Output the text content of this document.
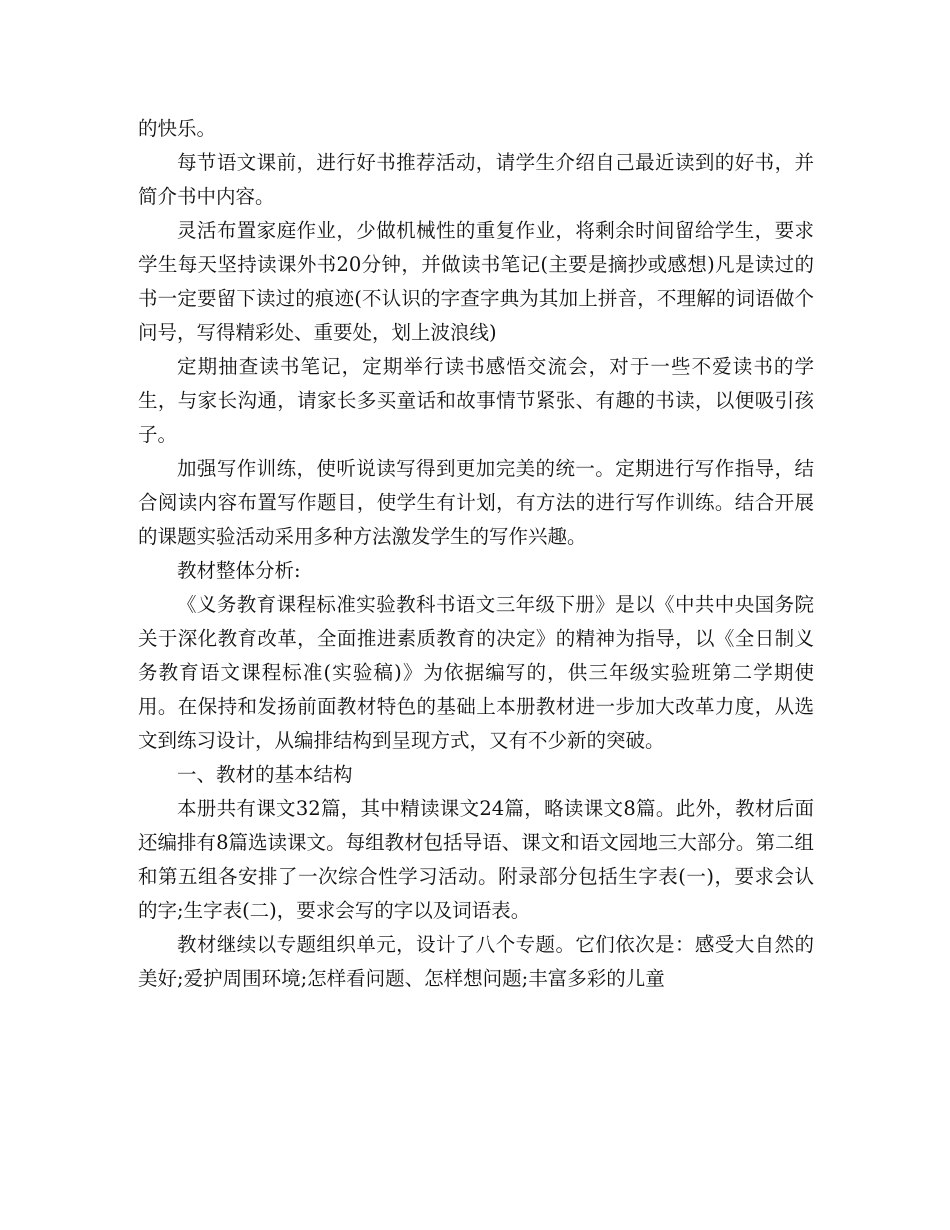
的快乐。

每节语文课前，进行好书推荐活动，请学生介绍自己最近读到的好书，并简介书中内容。

灵活布置家庭作业，少做机械性的重复作业，将剩余时间留给学生，要求学生每天坚持读课外书20分钟，并做读书笔记(主要是摘抄或感想)凡是读过的书一定要留下读过的痕迹(不认识的字查字典为其加上拼音，不理解的词语做个问号，写得精彩处、重要处，划上波浪线)

定期抽查读书笔记，定期举行读书感悟交流会，对于一些不爱读书的学生，与家长沟通，请家长多买童话和故事情节紧张、有趣的书读，以便吸引孩子。

加强写作训练，使听说读写得到更加完美的统一。定期进行写作指导，结合阅读内容布置写作题目，使学生有计划，有方法的进行写作训练。结合开展的课题实验活动采用多种方法激发学生的写作兴趣。

教材整体分析:

《义务教育课程标准实验教科书语文三年级下册》是以《中共中央国务院关于深化教育改革，全面推进素质教育的决定》的精神为指导，以《全日制义务教育语文课程标准(实验稿)》为依据编写的，供三年级实验班第二学期使用。在保持和发扬前面教材特色的基础上本册教材进一步加大改革力度，从选文到练习设计，从编排结构到呈现方式，又有不少新的突破。

一、教材的基本结构

本册共有课文32篇，其中精读课文24篇，略读课文8篇。此外，教材后面还编排有8篇选读课文。每组教材包括导语、课文和语文园地三大部分。第二组和第五组各安排了一次综合性学习活动。附录部分包括生字表(一)，要求会认的字;生字表(二)，要求会写的字以及词语表。

教材继续以专题组织单元，设计了八个专题。它们依次是：感受大自然的美好;爱护周围环境;怎样看问题、怎样想问题;丰富多彩的儿童
